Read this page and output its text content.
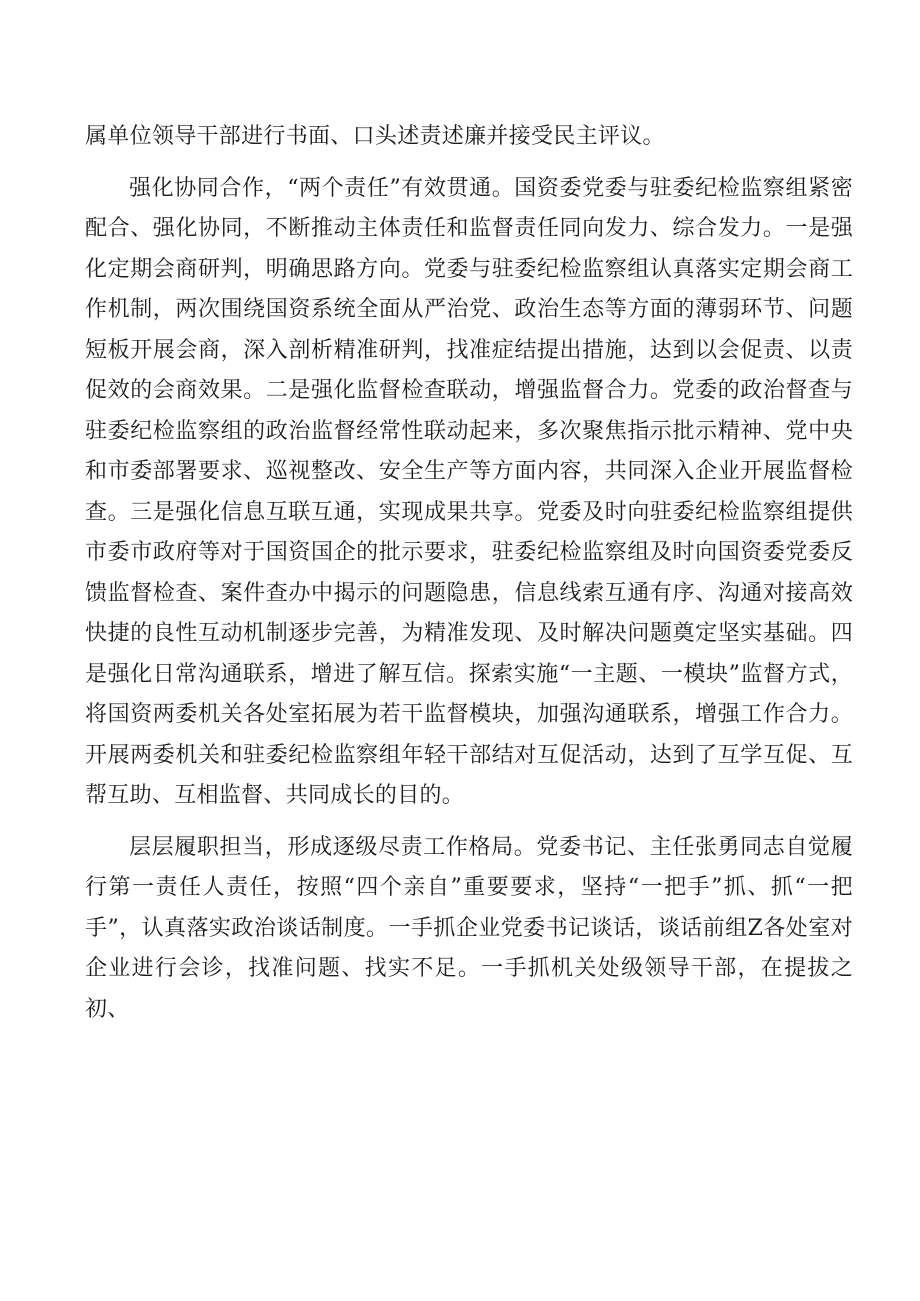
属单位领导干部进行书面、口头述责述廉并接受民主评议。

强化协同合作，“两个责任”有效贯通。国资委党委与驻委纪检监察组紧密配合、强化协同，不断推动主体责任和监督责任同向发力、综合发力。一是强化定期会商研判，明确思路方向。党委与驻委纪检监察组认真落实定期会商工作机制，两次围绕国资系统全面从严治党、政治生态等方面的薄弱环节、问题短板开展会商，深入剖析精准研判，找准症结提出措施，达到以会促责、以责促效的会商效果。二是强化监督检查联动，增强监督合力。党委的政治督查与驻委纪检监察组的政治监督经常性联动起来，多次聚焦指示批示精神、党中央和市委部署要求、巡视整改、安全生产等方面内容，共同深入企业开展监督检查。三是强化信息互联互通，实现成果共享。党委及时向驻委纪检监察组提供市委市政府等对于国资国企的批示要求，驻委纪检监察组及时向国资委党委反馈监督检查、案件查办中揭示的问题隐患，信息线索互通有序、沟通对接高效快捷的良性互动机制逐步完善，为精准发现、及时解决问题奠定坚实基础。四是强化日常沟通联系，增进了解互信。探索实施“一主题、一模块”监督方式，将国资两委机关各处室拓展为若干监督模块，加强沟通联系，增强工作合力。开展两委机关和驻委纪检监察组年轻干部结对互促活动，达到了互学互促、互帮互助、互相监督、共同成长的目的。

层层履职担当，形成逐级尽责工作格局。党委书记、主任张勇同志自觉履行第一责任人责任，按照“四个亲自”重要要求，坚持“一把手”抓、抓“一把手”，认真落实政治谈话制度。一手抓企业党委书记谈话，谈话前组Z各处室对企业进行会诊，找准问题、找实不足。一手抓机关处级领导干部，在提拔之初、
